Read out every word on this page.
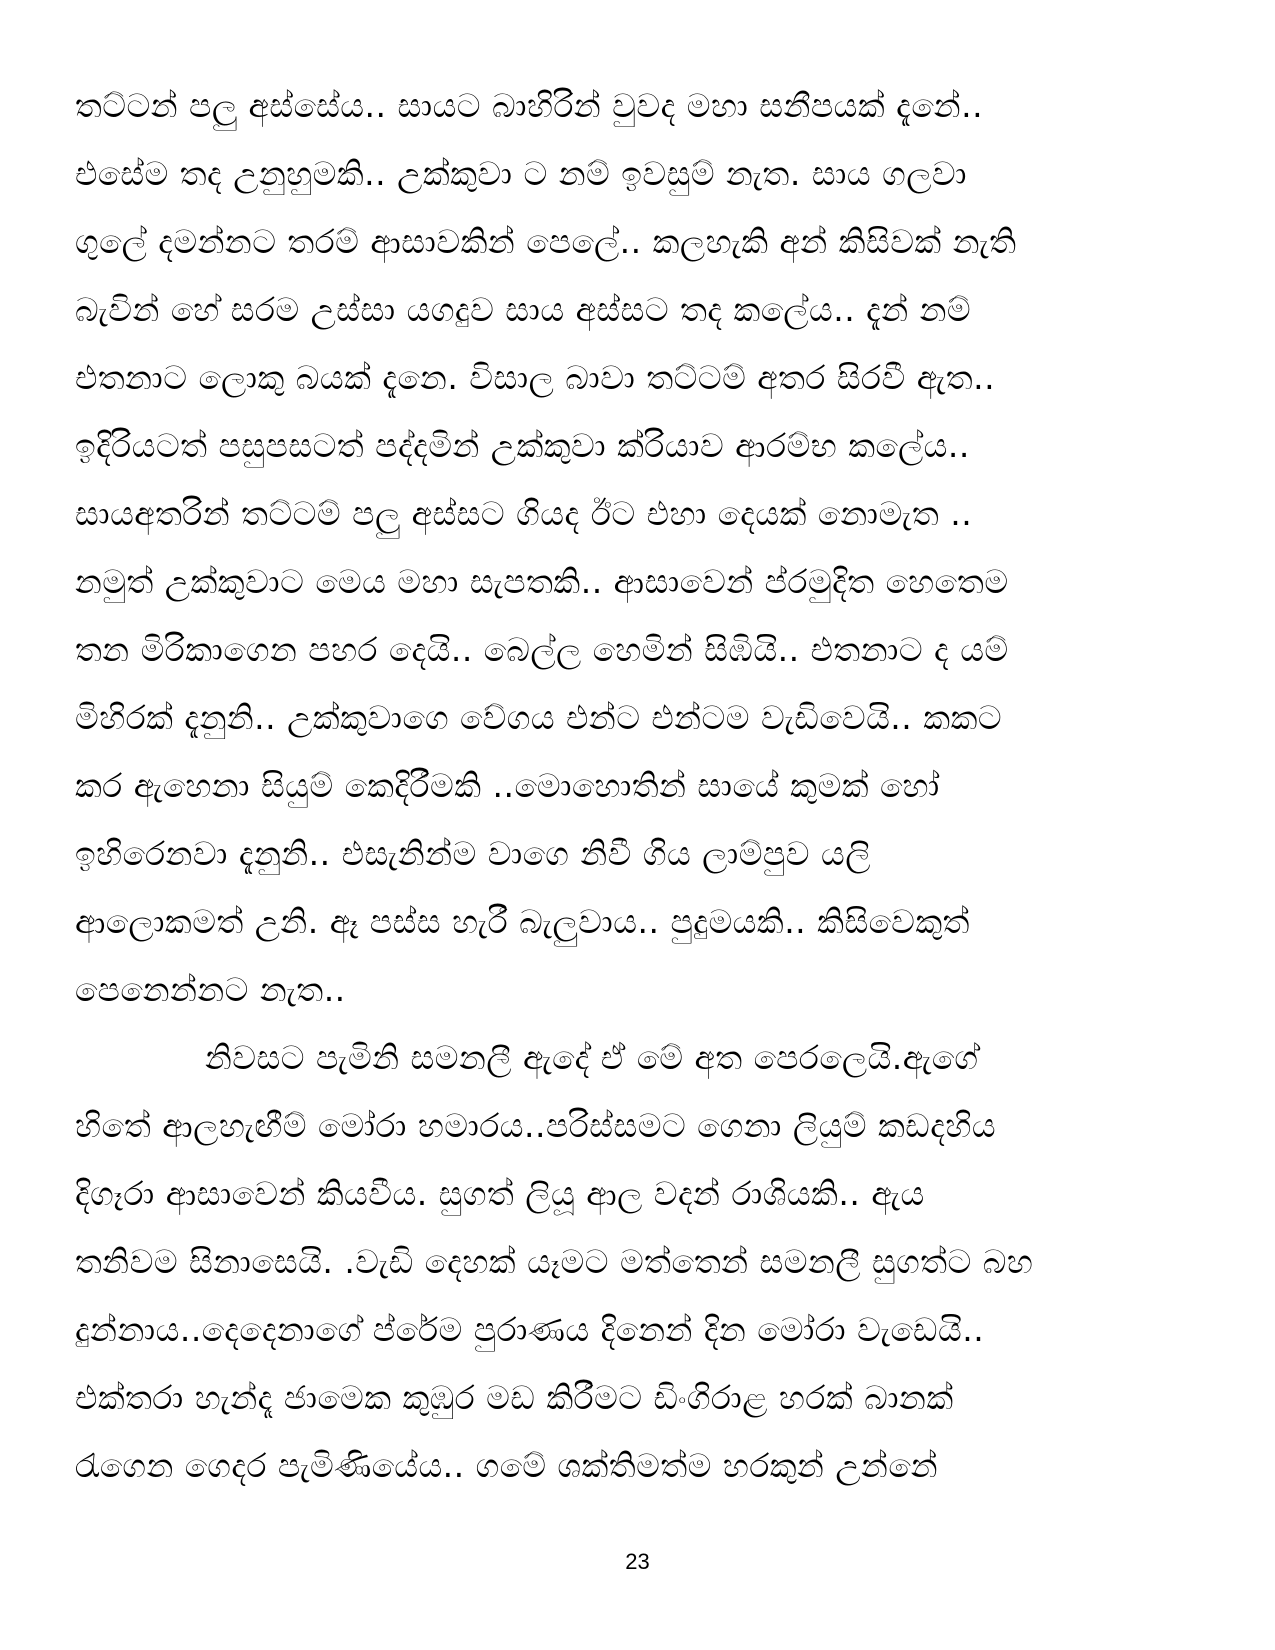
තට්ටන් පලු අස්සේය.. සායට බාහිරින් වුවද මහා සනීපයක් දැනේ..
එසේම තද උනුහුමකි.. උක්කුවා ට නම් ඉවසුම් නැත. සාය ගලවා
ගුලේ දමන්නට තරම් ආසාවකින් පෙලේ.. කලහැකි අන් කිසිවක් නැති
බැවින් හේ සරම උස්සා යගදුව සාය අස්සට තද කලේය.. දැන් නම්
එතනාට ලොකු බයක් දැනෙ. විසාල බාවා තට්ටම් අතර සිරවී ඇත..
ඉදිරියටත් පසුපසටත් පද්දමින් උක්කුවා ක්රියාව ආරම්භ කලේය..
සායඅතරින් තට්ටම් පලු අස්සට ගියද ඊට එහා දෙයක් නොමැත ..
නමුත් උක්කුවාට මෙය මහා සැපතකි.. ආසාවෙන් ප්රමුදිත හෙතෙම
තන මිරිකාගෙන පහර දෙයි.. බෙල්ල හෙමින් සිඹියි.. එතනාට ද යම්
මිහිරක් දැනුනි.. උක්කුවාගෙ වේගය එන්ට එන්ටම වැඩිවෙයි.. කකට
කර ඇහෙනා සියුම් කෙදිරීමකි ..මොහොතින් සායේ කුමක් හෝ
ඉහිරෙනවා දැනුනි.. එසැනින්ම වාගෙ නිවී ගිය ලාම්පුව යලි
ආලොකමත් උනි. ඈ පස්ස හැරී බැලුවාය.. පුදුමයකි.. කිසිවෙකුත්
පෙනෙන්නට නැත..
නිවසට පැමිනි සමනලී ඇදේ ඒ මේ අත පෙරලෙයි.ඇගේ
හිතේ ආලහැඟීම් මෝරා හමාරය..පරිස්සමට ගෙනා ලියුම් කඩදහිය
දිගෑරා ආසාවෙන් කියවීය. සුගත් ලියූ ආල වදන් රාශියකි.. ඇය
තනිවම සිනාසෙයි. .වැඩි දෙහක් යෑමට මත්තෙන් සමනලී සුගත්ට බහ
දුන්නාය..දෙදෙනාගේ ප්රේම පුරාණය දිනෙන් දින මෝරා වැඩෙයි..
එක්තරා හැන්දෑ ජාමෙක කුඹුර මඩ කිරීමට ඩිංගිරාළ හරක් බානක්
රැගෙන ගෙදර පැමිණියේය.. ගමේ ශක්තිමත්ම හරකුන් උන්නේ
23
